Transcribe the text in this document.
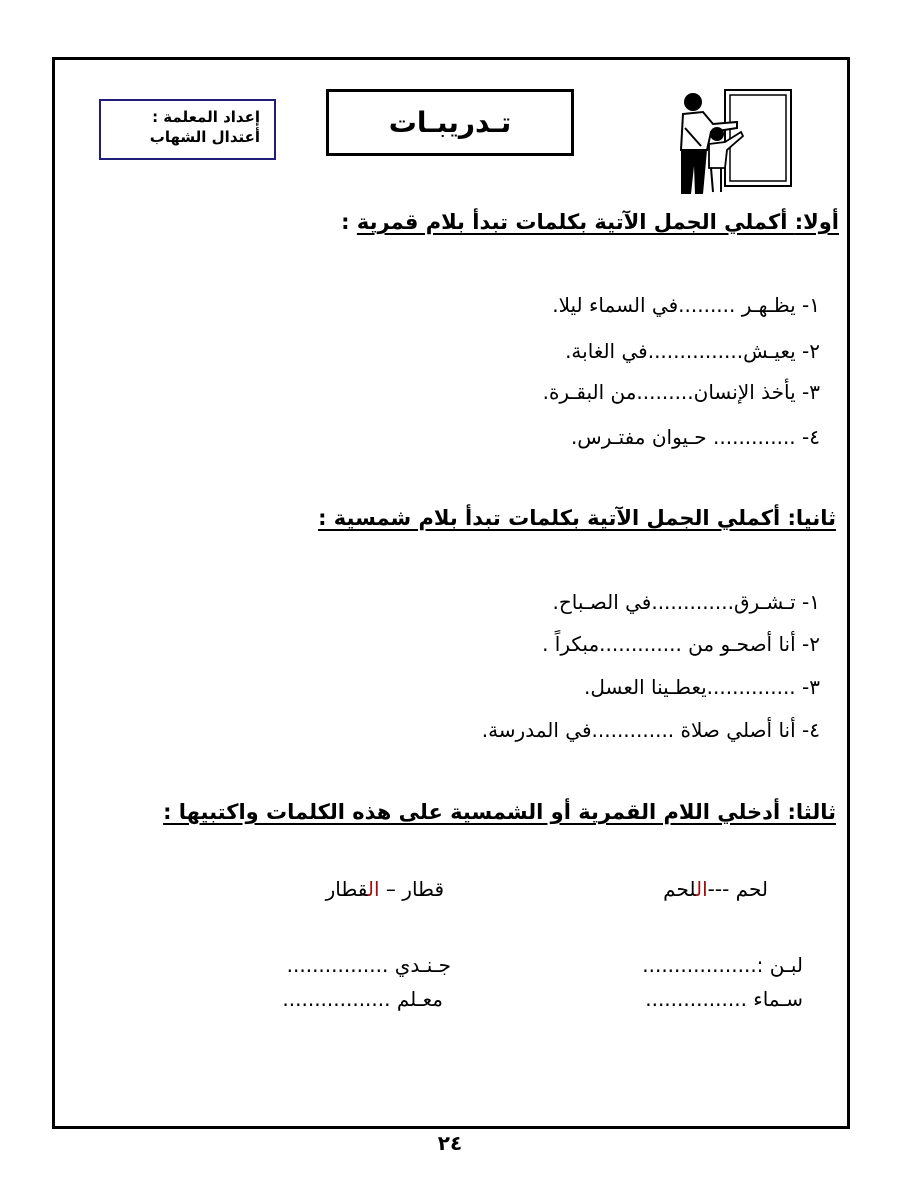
إعداد المعلمة :
أعتدال الشهاب	تـدريبـات
أولا: أكملي الجمل الآتية بكلمات تبدأ بلام قمرية :
١- يظـهـر .........في السماء ليلا.
٢- يعيـش...............في الغابة.
٣- يأخذ الإنسان.........من البقـرة.
٤- ............. حـيوان مفتـرس.
ثانيا: أكملي الجمل الآتية بكلمات تبدأ بلام شمسية :
١- تـشـرق.............في الصـباح.
٢- أنا أصحـو من .............مبكراً .
٣- ..............يعطـينا العسل.
٤- أنا أصلي صلاة .............في المدرسة.
ثالثا: أدخلي اللام القمرية أو الشمسية على هذه الكلمات واكتبيها :
لحم ---اللحم
قطار – القطار
لبـن :..................
جـنـدي ................
سـماء ................
معـلم .................
٢٤
